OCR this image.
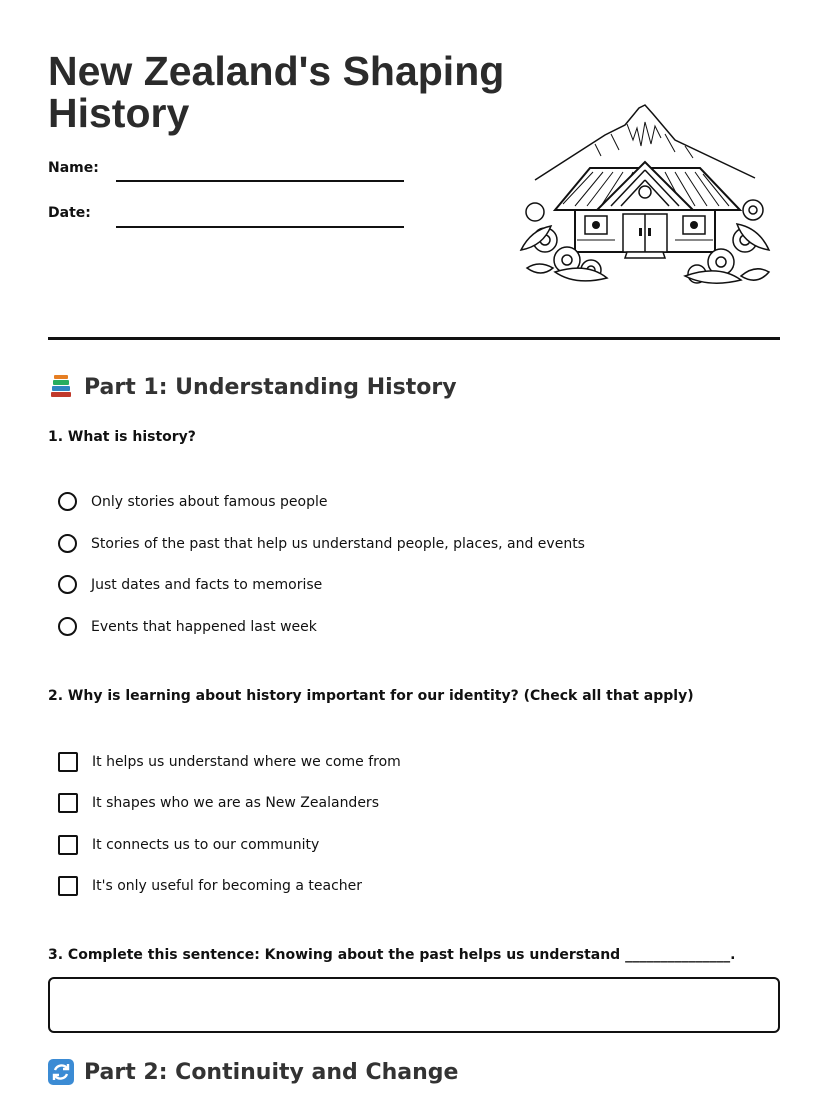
New Zealand's Shaping History
Name:
Date:
Part 1: Understanding History
1. What is history?
Only stories about famous people
Stories of the past that help us understand people, places, and events
Just dates and facts to memorise
Events that happened last week
2. Why is learning about history important for our identity? (Check all that apply)
It helps us understand where we come from
It shapes who we are as New Zealanders
It connects us to our community
It's only useful for becoming a teacher
3. Complete this sentence: Knowing about the past helps us understand _______________.
Part 2: Continuity and Change
